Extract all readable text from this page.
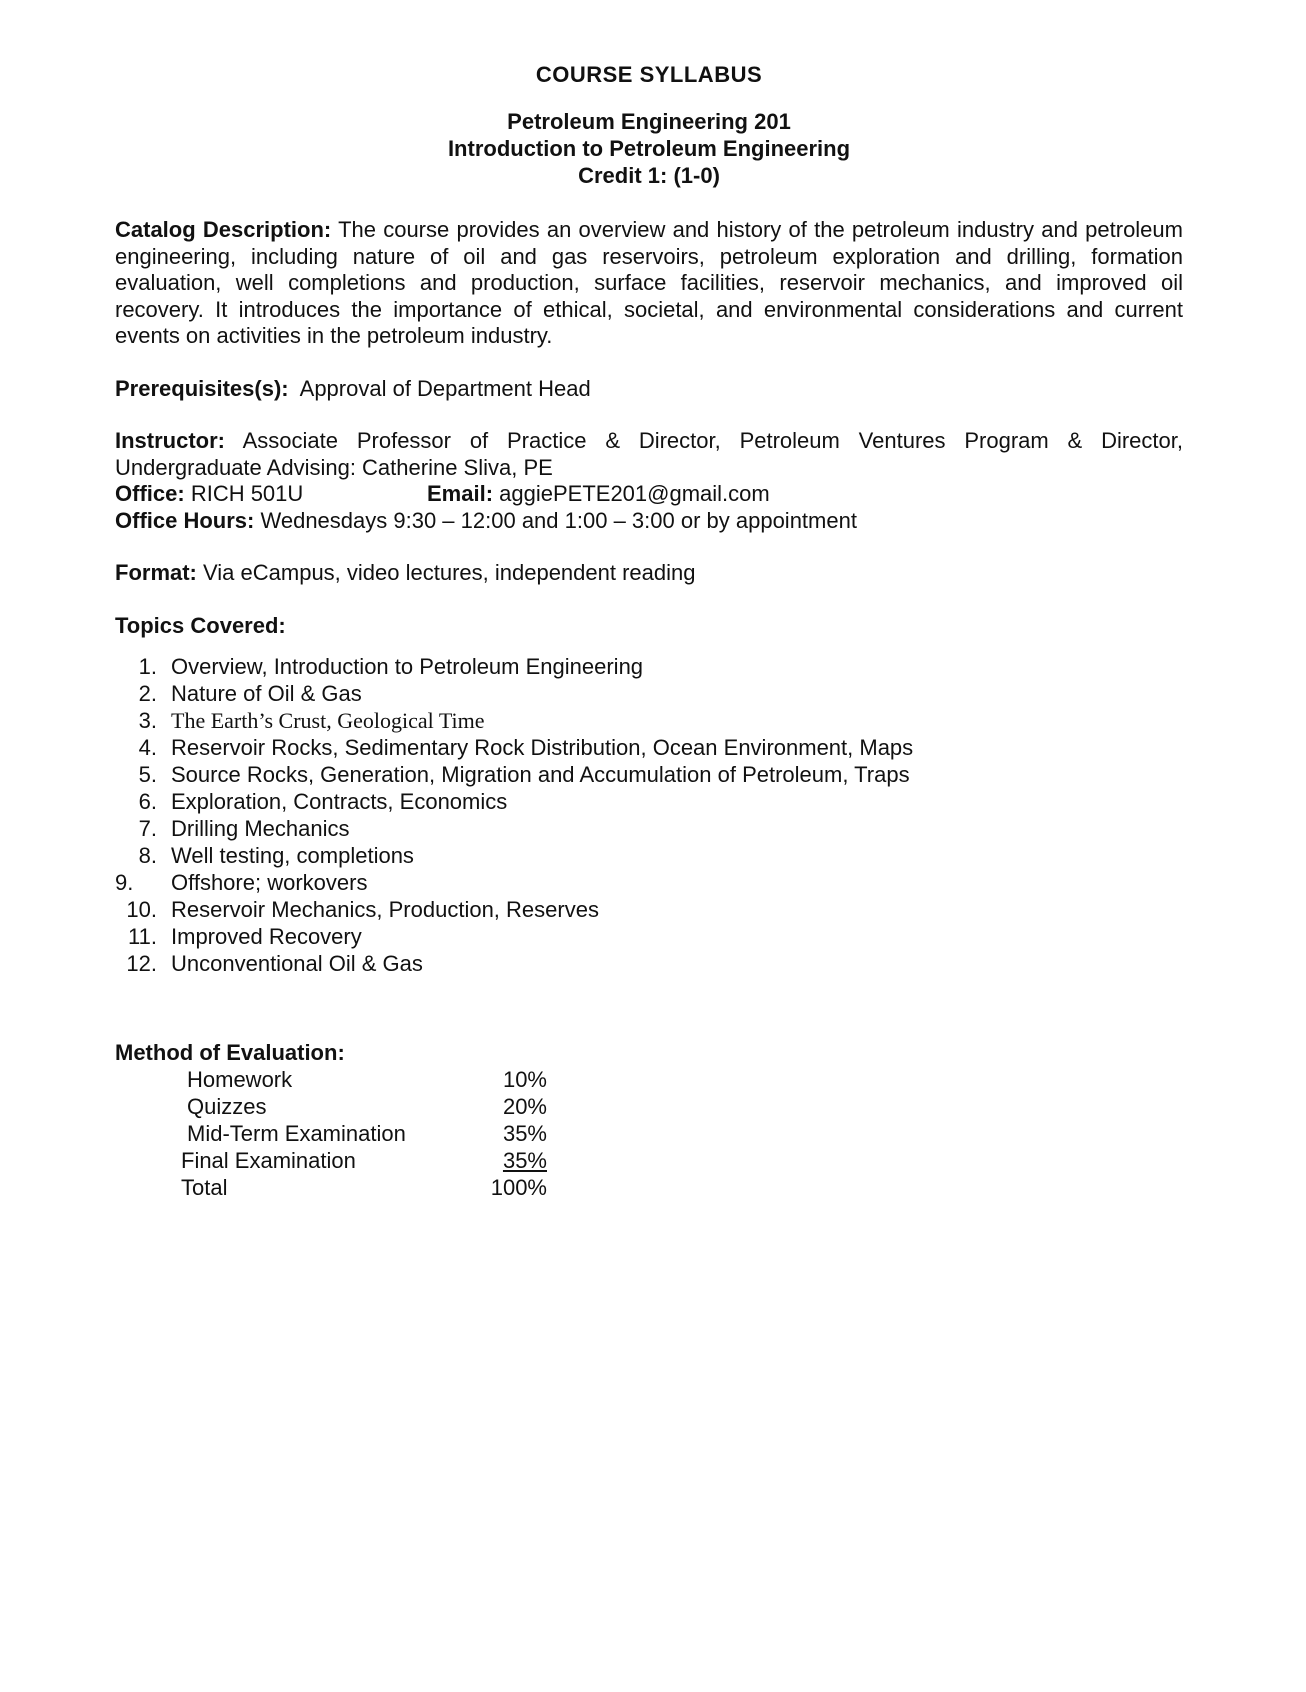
COURSE SYLLABUS
Petroleum Engineering 201
Introduction to Petroleum Engineering
Credit 1: (1-0)
Catalog Description: The course provides an overview and history of the petroleum industry and petroleum engineering, including nature of oil and gas reservoirs, petroleum exploration and drilling, formation evaluation, well completions and production, surface facilities, reservoir mechanics, and improved oil recovery. It introduces the importance of ethical, societal, and environmental considerations and current events on activities in the petroleum industry.
Prerequisites(s): Approval of Department Head
Instructor: Associate Professor of Practice & Director, Petroleum Ventures Program & Director, Undergraduate Advising: Catherine Sliva, PE
Office: RICH 501U	Email: aggiePETE201@gmail.com
Office Hours: Wednesdays 9:30 – 12:00 and 1:00 – 3:00 or by appointment
Format: Via eCampus, video lectures, independent reading
Topics Covered:
1. Overview, Introduction to Petroleum Engineering
2. Nature of Oil & Gas
3. The Earth’s Crust, Geological Time
4. Reservoir Rocks, Sedimentary Rock Distribution, Ocean Environment, Maps
5. Source Rocks, Generation, Migration and Accumulation of Petroleum, Traps
6. Exploration, Contracts, Economics
7. Drilling Mechanics
8. Well testing, completions
9.	Offshore; workovers
10. Reservoir Mechanics, Production, Reserves
11. Improved Recovery
12. Unconventional Oil & Gas
Method of Evaluation:
Homework	10%
Quizzes	20%
Mid-Term Examination	35%
Final Examination	35%
Total	100%
